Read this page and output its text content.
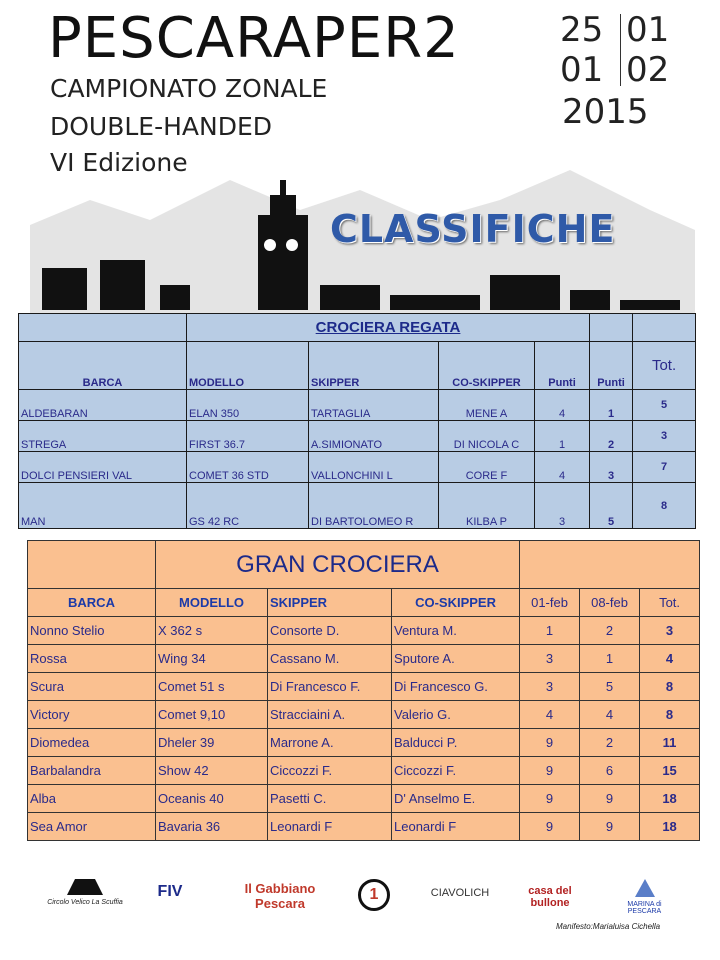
PESCARAPER2
CAMPIONATO ZONALE
DOUBLE-HANDED
VI Edizione
25 01
01 02
2015
CLASSIFICHE
	CROCIERA REGATA					
BARCA	MODELLO	SKIPPER	CO-SKIPPER	Punti	Punti	Tot.
ALDEBARAN	ELAN 350	TARTAGLIA	MENE A	4	1	5
STREGA	FIRST 36.7	A.SIMIONATO	DI NICOLA C	1	2	3
DOLCI PENSIERI VAL	COMET 36 STD	VALLONCHINI L	CORE F	4	3	7
MAN	GS 42 RC	DI BARTOLOMEO R	KILBA P	3	5	8
	GRAN CROCIERA					
BARCA	MODELLO	SKIPPER	CO-SKIPPER	01-feb	08-feb	Tot.
Nonno Stelio	X 362 s	Consorte D.	Ventura M.	1	2	3
Rossa	Wing 34	Cassano M.	Sputore A.	3	1	4
Scura	Comet 51 s	Di Francesco F.	Di Francesco G.	3	5	8
Victory	Comet 9,10	Stracciaini A.	Valerio G.	4	4	8
Diomedea	Dheler 39	Marrone A.	Balducci P.	9	2	11
Barbalandra	Show 42	Ciccozzi F.	Ciccozzi F.	9	6	15
Alba	Oceanis 40	Pasetti C.	D' Anselmo E.	9	9	18
Sea Amor	Bavaria 36	Leonardi F	Leonardi F	9	9	18
Circolo Velico La Scuffia
FIV	Il Gabbiano Pescara
1	CIAVOLICH	casa del bullone	MARINA di PESCARA
Manifesto:Marialuisa Cichella
